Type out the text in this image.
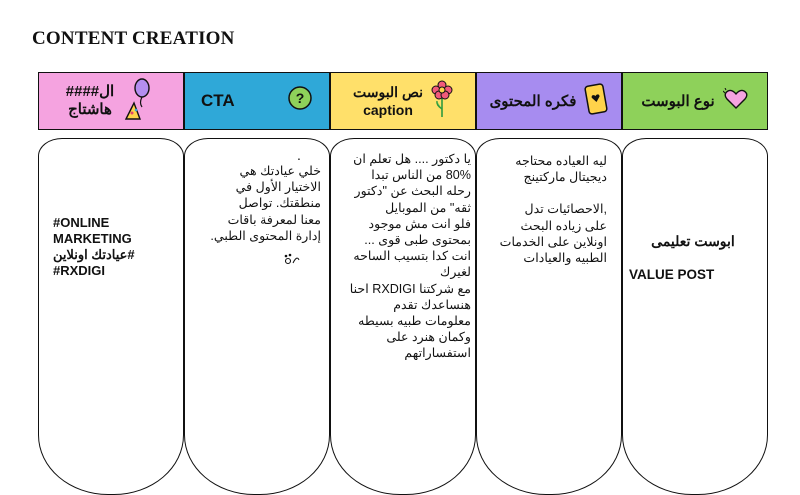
CONTENT CREATION
ال####
هاشتاج
#ONLINE
MARKETING
#عيادتك اونلاين
#RXDIGI
CTA	?
.
خلي عيادتك هي
الاختيار الأول في
منطقتك. تواصل
معنا لمعرفة باقات
إدارة المحتوى الطبي.
نص البوست
caption
يا دكتور .... هل تعلم ان
80% من الناس تبدا
رحله البحث عن "دكتور
ثقه" من الموبايل
فلو انت مش موجود
بمحتوى طبى قوى ...
انت كدا بتسيب الساحه
لغيرك
مع شركتنا RXDIGI احنا
هنساعدك تقدم
معلومات طبيه بسيطه
وكمان هنرد على
استفساراتهم
فكره المحتوى
ليه العياده محتاجه
ديجيتال ماركتينج
,الاحصائيات تدل
على زياده البحث
اونلاين على الخدمات
الطبيه والعيادات
نوع البوست
ابوست تعليمى
VALUE POST
